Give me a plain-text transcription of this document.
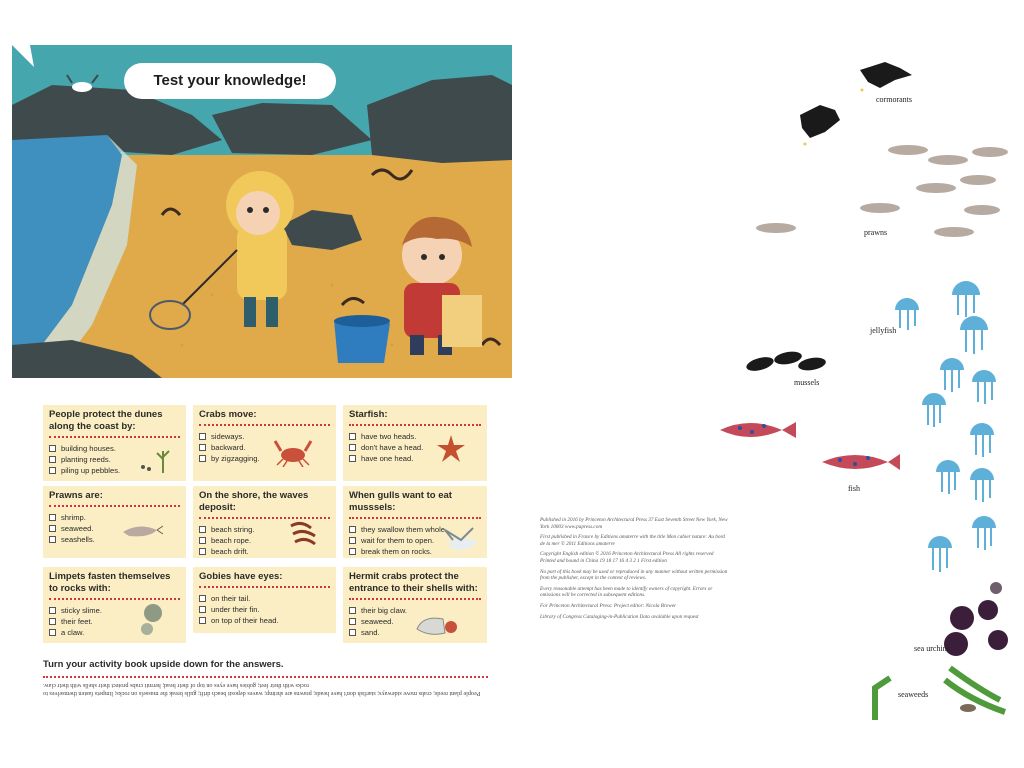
Test your knowledge!
People protect the dunes along the coast by:
building houses.
planting reeds.
piling up pebbles.
Crabs move:
sideways.
backward.
by zigzagging.
Starfish:
have two heads.
don't have a head.
have one head.
Prawns are:
shrimp.
seaweed.
seashells.
On the shore, the waves deposit:
beach string.
beach rope.
beach drift.
When gulls want to eat musssels:
they swallow them whole.
wait for them to open.
break them on rocks.
Limpets fasten themselves to rocks with:
sticky slime.
their feet.
a claw.
Gobies have eyes:
on their tail.
under their fin.
on top of their head.
Hermit crabs protect the entrance to their shells with:
their big claw.
seaweed.
sand.
Turn your activity book upside down for the answers.
People plant reeds; crabs move sideways; starfish don't have heads; prawns are shrimp; waves deposit beach drift; gulls break the mussels on rocks; limpets fasten themselves to rocks with their feet; gobies have eyes on top of their head; hermit crabs protect their shells with their claw.

Published in 2016 by Princeton Architectural Press 37 East Seventh Street New York, New York 10003 www.papress.com

First published in France by Editions amaterre with the title Mon cahier nature: Au bord de la mer © 2011 Editions amaterre

Copyright English edition © 2016 Princeton Architectural Press All rights reserved Printed and bound in China 19 18 17 16 4 3 2 1 First edition

No part of this book may be used or reproduced in any manner without written permission from the publisher, except in the context of reviews.

Every reasonable attempt has been made to identify owners of copyright. Errors or omissions will be corrected in subsequent editions.

For Princeton Architectural Press: Project editor: Nicola Brower

Library of Congress Cataloging-in-Publication Data available upon request

cormorants
prawns
jellyfish
mussels
fish
sea urchins
seaweeds
